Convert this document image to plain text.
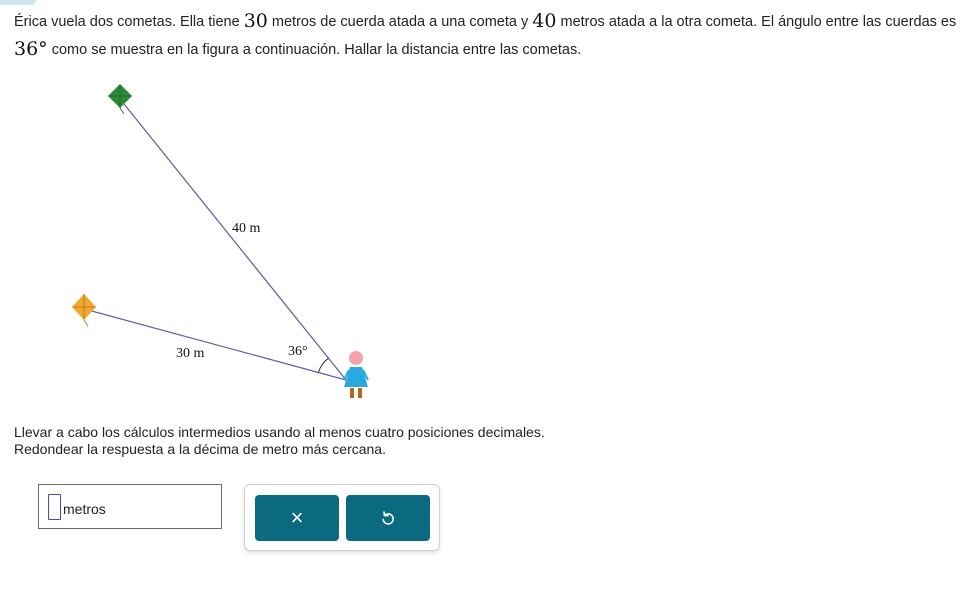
Érica vuela dos cometas. Ella tiene 30 metros de cuerda atada a una cometa y 40 metros atada a la otra cometa. El ángulo entre las cuerdas es 36° como se muestra en la figura a continuación. Hallar la distancia entre las cometas.
40 m
30 m	36°
Llevar a cabo los cálculos intermedios usando al menos cuatro posiciones decimales.
Redondear la respuesta a la décima de metro más cercana.
metros	×
